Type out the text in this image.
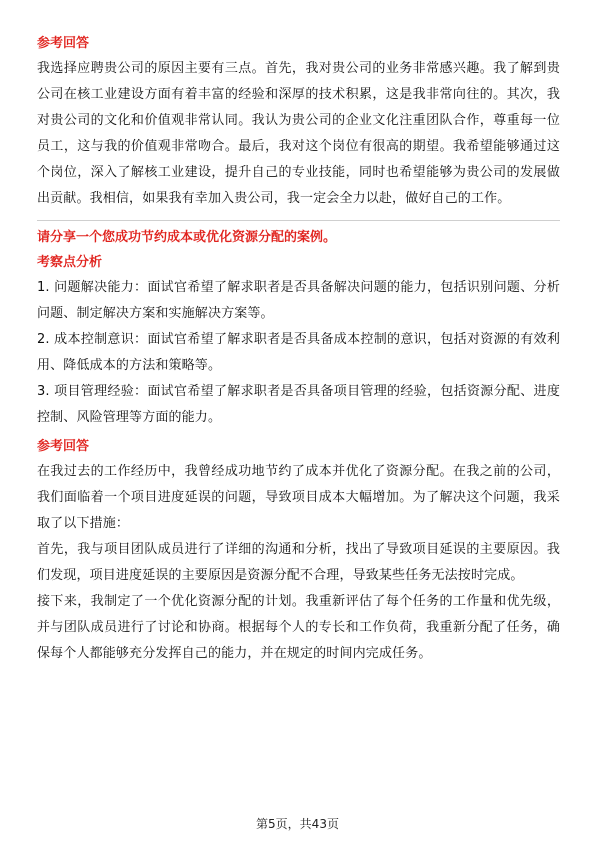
参考回答

我选择应聘贵公司的原因主要有三点。首先，我对贵公司的业务非常感兴趣。我了解到贵公司在核工业建设方面有着丰富的经验和深厚的技术积累，这是我非常向往的。其次，我对贵公司的文化和价值观非常认同。我认为贵公司的企业文化注重团队合作，尊重每一位员工，这与我的价值观非常吻合。最后，我对这个岗位有很高的期望。我希望能够通过这个岗位，深入了解核工业建设，提升自己的专业技能，同时也希望能够为贵公司的发展做出贡献。我相信，如果我有幸加入贵公司，我一定会全力以赴，做好自己的工作。

请分享一个您成功节约成本或优化资源分配的案例。
考察点分析

1. 问题解决能力：面试官希望了解求职者是否具备解决问题的能力，包括识别问题、分析问题、制定解决方案和实施解决方案等。

2. 成本控制意识：面试官希望了解求职者是否具备成本控制的意识，包括对资源的有效利用、降低成本的方法和策略等。

3. 项目管理经验：面试官希望了解求职者是否具备项目管理的经验，包括资源分配、进度控制、风险管理等方面的能力。

参考回答

在我过去的工作经历中，我曾经成功地节约了成本并优化了资源分配。在我之前的公司，我们面临着一个项目进度延误的问题，导致项目成本大幅增加。为了解决这个问题，我采取了以下措施：

首先，我与项目团队成员进行了详细的沟通和分析，找出了导致项目延误的主要原因。我们发现，项目进度延误的主要原因是资源分配不合理，导致某些任务无法按时完成。

接下来，我制定了一个优化资源分配的计划。我重新评估了每个任务的工作量和优先级，并与团队成员进行了讨论和协商。根据每个人的专长和工作负荷，我重新分配了任务，确保每个人都能够充分发挥自己的能力，并在规定的时间内完成任务。

第5页，共43页
